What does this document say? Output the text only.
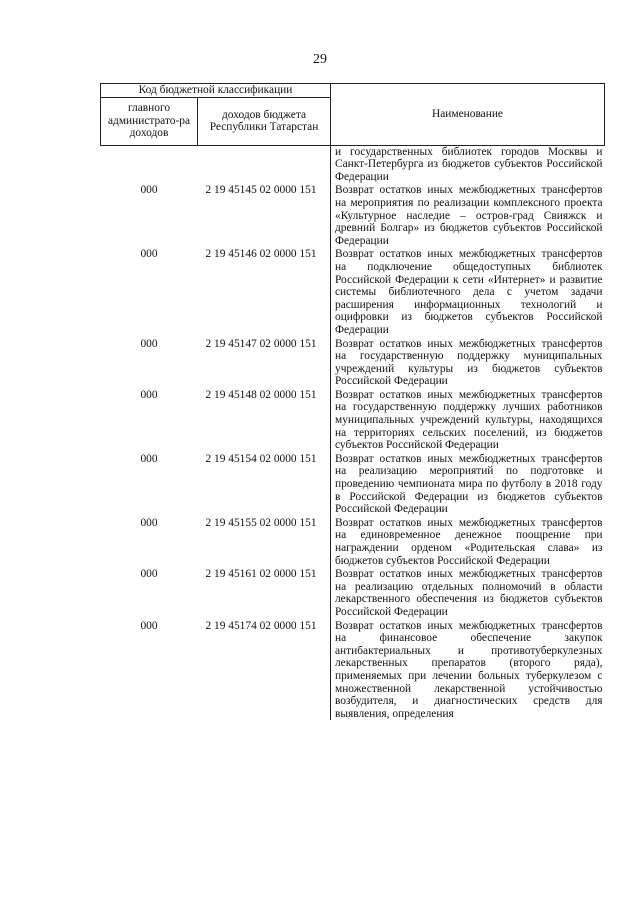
29
Код бюджетной классификации		Наименование
главного администрато-ра доходов	доходов бюджета Республики Татарстан	
		и государственных библиотек городов Москвы и Санкт-Петербурга из бюджетов субъектов Российской Федерации
000	2 19 45145 02 0000 151	Возврат остатков иных межбюджетных трансфертов на мероприятия по реализации комплексного проекта «Культурное наследие – остров-град Свияжск и древний Болгар» из бюджетов субъектов Российской Федерации
000	2 19 45146 02 0000 151	Возврат остатков иных межбюджетных трансфертов на подключение общедоступных библиотек Российской Федерации к сети «Интернет» и развитие системы библиотечного дела с учетом задачи расширения информационных технологий и оцифровки из бюджетов субъектов Российской Федерации
000	2 19 45147 02 0000 151	Возврат остатков иных межбюджетных трансфертов на государственную поддержку муниципальных учреждений культуры из бюджетов субъектов Российской Федерации
000	2 19 45148 02 0000 151	Возврат остатков иных межбюджетных трансфертов на государственную поддержку лучших работников муниципальных учреждений культуры, находящихся на территориях сельских поселений, из бюджетов субъектов Российской Федерации
000	2 19 45154 02 0000 151	Возврат остатков иных межбюджетных трансфертов на реализацию мероприятий по подготовке и проведению чемпионата мира по футболу в 2018 году в Российской Федерации из бюджетов субъектов Российской Федерации
000	2 19 45155 02 0000 151	Возврат остатков иных межбюджетных трансфертов на единовременное денежное поощрение при награждении орденом «Родительская слава» из бюджетов субъектов Российской Федерации
000	2 19 45161 02 0000 151	Возврат остатков иных межбюджетных трансфертов на реализацию отдельных полномочий в области лекарственного обеспечения из бюджетов субъектов Российской Федерации
000	2 19 45174 02 0000 151	Возврат остатков иных межбюджетных трансфертов на финансовое обеспечение закупок антибактериальных и противотуберкулезных лекарственных препаратов (второго ряда), применяемых при лечении больных туберкулезом с множественной лекарственной устойчивостью возбудителя, и диагностических средств для выявления, определения
